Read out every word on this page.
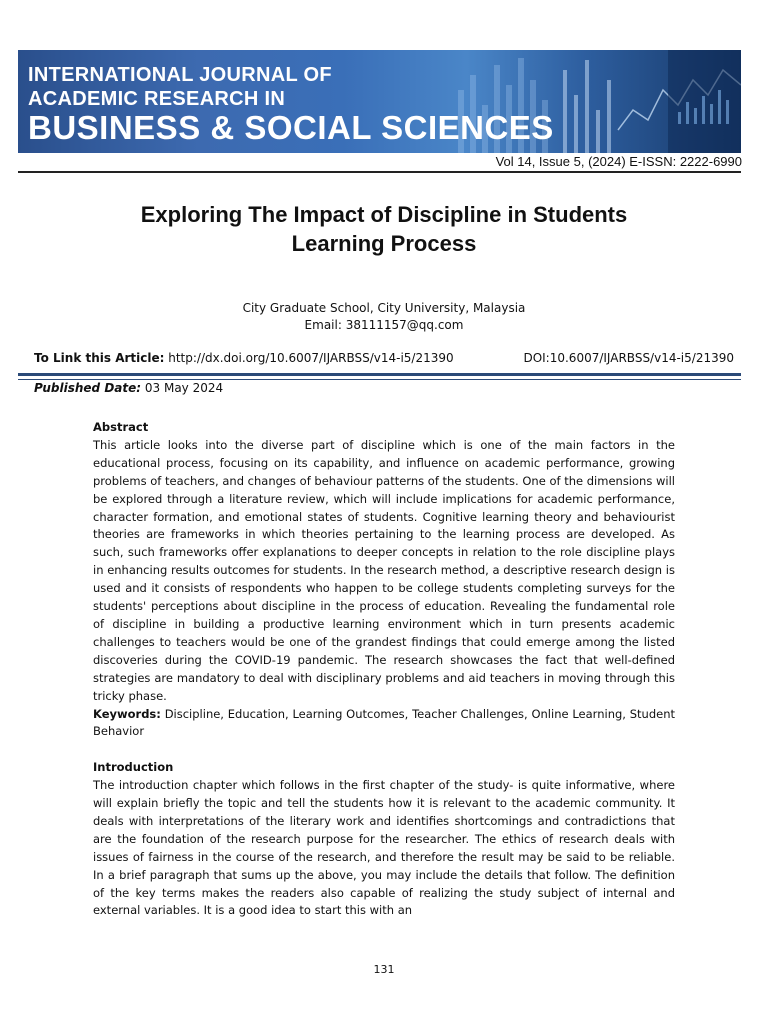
INTERNATIONAL JOURNAL OF
ACADEMIC RESEARCH IN
BUSINESS & SOCIAL SCIENCES
Vol 14, Issue 5, (2024) E-ISSN: 2222-6990
Exploring The Impact of Discipline in Students
Learning Process
City Graduate School, City University, Malaysia
Email: 38111157@qq.com
To Link this Article: http://dx.doi.org/10.6007/IJARBSS/v14-i5/21390	DOI:10.6007/IJARBSS/v14-i5/21390
Published Date: 03 May 2024

Abstract

This article looks into the diverse part of discipline which is one of the main factors in the educational process, focusing on its capability, and influence on academic performance, growing problems of teachers, and changes of behaviour patterns of the students. One of the dimensions will be explored through a literature review, which will include implications for academic performance, character formation, and emotional states of students. Cognitive learning theory and behaviourist theories are frameworks in which theories pertaining to the learning process are developed. As such, such frameworks offer explanations to deeper concepts in relation to the role discipline plays in enhancing results outcomes for students. In the research method, a descriptive research design is used and it consists of respondents who happen to be college students completing surveys for the students' perceptions about discipline in the process of education. Revealing the fundamental role of discipline in building a productive learning environment which in turn presents academic challenges to teachers would be one of the grandest findings that could emerge among the listed discoveries during the COVID-19 pandemic. The research showcases the fact that well-defined strategies are mandatory to deal with disciplinary problems and aid teachers in moving through this tricky phase.

Keywords: Discipline, Education, Learning Outcomes, Teacher Challenges, Online Learning, Student Behavior

Introduction

The introduction chapter which follows in the first chapter of the study- is quite informative, where will explain briefly the topic and tell the students how it is relevant to the academic community. It deals with interpretations of the literary work and identifies shortcomings and contradictions that are the foundation of the research purpose for the researcher. The ethics of research deals with issues of fairness in the course of the research, and therefore the result may be said to be reliable. In a brief paragraph that sums up the above, you may include the details that follow. The definition of the key terms makes the readers also capable of realizing the study subject of internal and external variables. It is a good idea to start this with an

131
